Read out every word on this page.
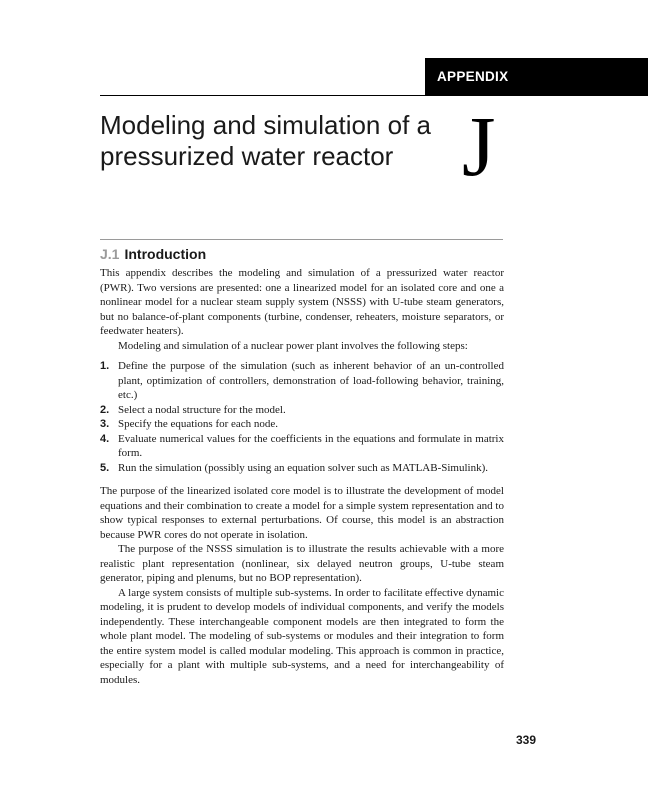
APPENDIX
Modeling and simulation of a pressurized water reactor J
J.1 Introduction

This appendix describes the modeling and simulation of a pressurized water reactor (PWR). Two versions are presented: one a linearized model for an isolated core and one a nonlinear model for a nuclear steam supply system (NSSS) with U-tube steam generators, but no balance-of-plant components (turbine, condenser, reheaters, moisture separators, or feedwater heaters).

Modeling and simulation of a nuclear power plant involves the following steps:

1. Define the purpose of the simulation (such as inherent behavior of an un-controlled plant, optimization of controllers, demonstration of load-following behavior, training, etc.)
2. Select a nodal structure for the model.
3. Specify the equations for each node.
4. Evaluate numerical values for the coefficients in the equations and formulate in matrix form.
5. Run the simulation (possibly using an equation solver such as MATLAB-Simulink).

The purpose of the linearized isolated core model is to illustrate the development of model equations and their combination to create a model for a simple system representation and to show typical responses to external perturbations. Of course, this model is an abstraction because PWR cores do not operate in isolation.

The purpose of the NSSS simulation is to illustrate the results achievable with a more realistic plant representation (nonlinear, six delayed neutron groups, U-tube steam generator, piping and plenums, but no BOP representation).

A large system consists of multiple sub-systems. In order to facilitate effective dynamic modeling, it is prudent to develop models of individual components, and verify the models independently. These interchangeable component models are then integrated to form the whole plant model. The modeling of sub-systems or modules and their integration to form the entire system model is called modular modeling. This approach is common in practice, especially for a plant with multiple sub-systems, and a need for interchangeability of modules.

339
